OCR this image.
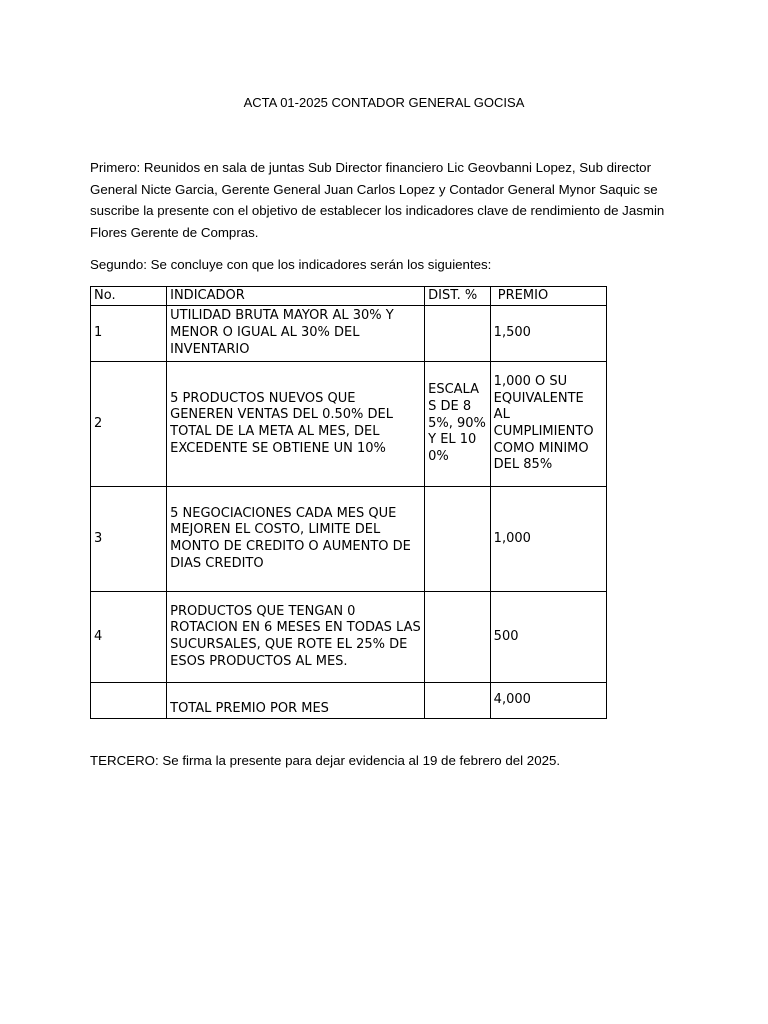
ACTA 01-2025 CONTADOR GENERAL GOCISA

Primero: Reunidos en sala de juntas Sub Director financiero Lic Geovbanni Lopez, Sub director General Nicte Garcia, Gerente General Juan Carlos Lopez y Contador General Mynor Saquic se suscribe la presente con el objetivo de establecer los indicadores clave de rendimiento de Jasmin Flores Gerente de Compras.

Segundo: Se concluye con que los indicadores serán los siguientes:

No.	INDICADOR	DIST. %	PREMIO
1	UTILIDAD BRUTA MAYOR AL 30% Y MENOR O IGUAL AL 30% DEL INVENTARIO		1,500
2	5 PRODUCTOS NUEVOS QUE GENEREN VENTAS DEL 0.50% DEL TOTAL DE LA META AL MES, DEL EXCEDENTE SE OBTIENE UN 10%	ESCALAS DE 85%, 90% Y EL 100%	1,000 O SU EQUIVALENTE AL CUMPLIMIENTO COMO MINIMO DEL 85%
3	5 NEGOCIACIONES CADA MES QUE MEJOREN EL COSTO, LIMITE DEL MONTO DE CREDITO O AUMENTO DE DIAS CREDITO		1,000
4	PRODUCTOS QUE TENGAN 0 ROTACION EN 6 MESES EN TODAS LAS SUCURSALES, QUE ROTE EL 25% DE ESOS PRODUCTOS AL MES.		500
	TOTAL PREMIO POR MES		4,000

TERCERO: Se firma la presente para dejar evidencia al 19 de febrero del 2025.
